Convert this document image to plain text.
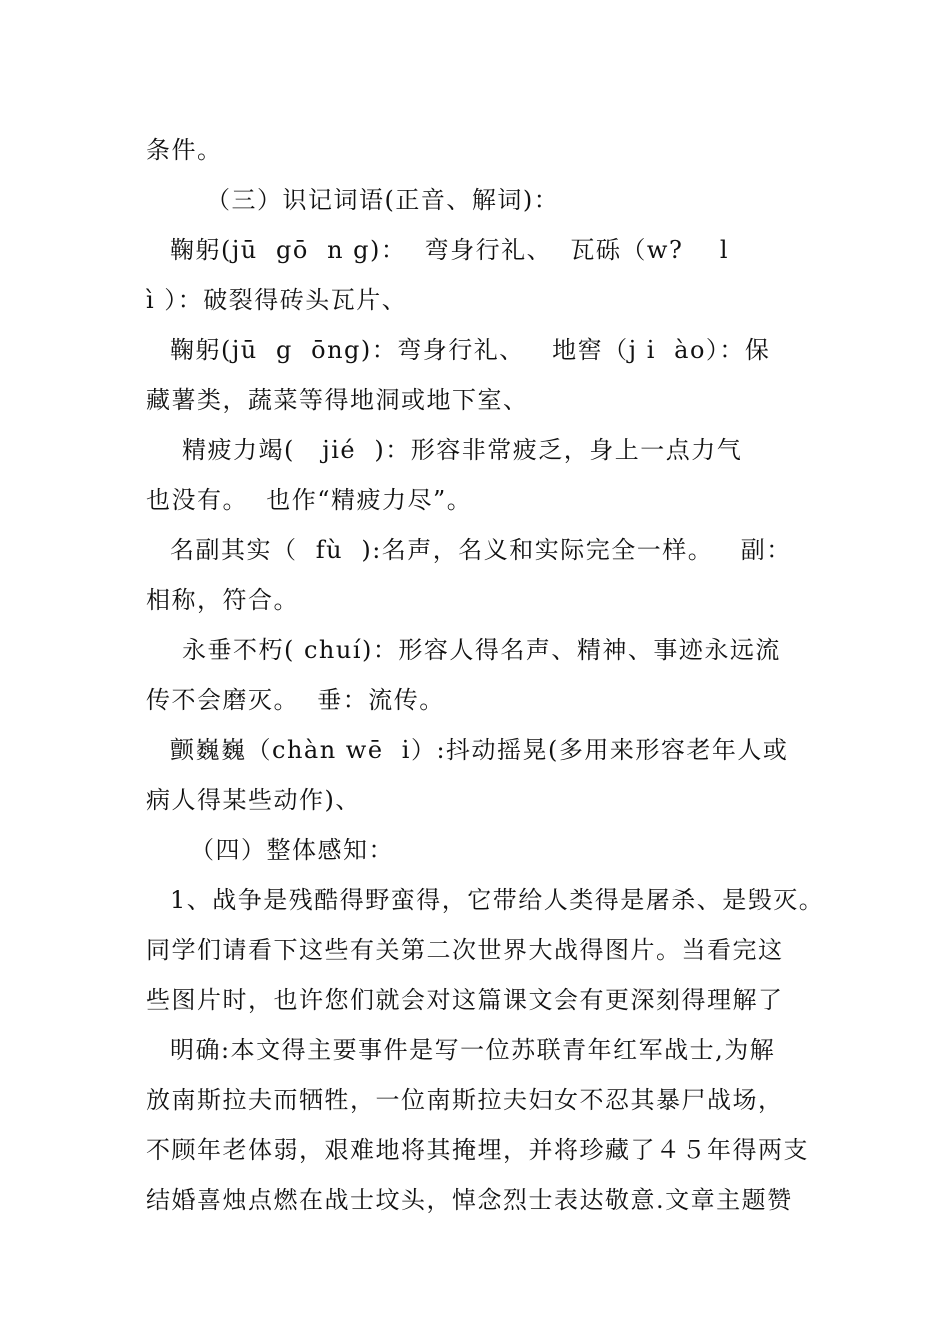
条件。
（三）识记词语(正音、解词)：
鞠躬(jū  gō  n g)：  弯身行礼、  瓦砾（w?    l
ì ）：破裂得砖头瓦片、
鞠躬(jū  g  ōng)：弯身行礼、   地窖（j i  ào）：保
藏薯类，蔬菜等得地洞或地下室、
精疲力竭(   jié  )：形容非常疲乏，身上一点力气
也没有。  也作“精疲力尽”。
名副其实（  fù  ):名声，名义和实际完全一样。   副：
相称，符合。
永垂不朽( chuí)：形容人得名声、精神、事迹永远流
传不会磨灭。  垂：流传。
颤巍巍（chàn wē  i）:抖动摇晃(多用来形容老年人或
病人得某些动作)、
（四）整体感知：
1、战争是残酷得野蛮得，它带给人类得是屠杀、是毁灭。
同学们请看下这些有关第二次世界大战得图片。当看完这
些图片时，也许您们就会对这篇课文会有更深刻得理解了
明确:本文得主要事件是写一位苏联青年红军战士,为解
放南斯拉夫而牺牲，一位南斯拉夫妇女不忍其暴尸战场，
不顾年老体弱，艰难地将其掩埋，并将珍藏了４５年得两支
结婚喜烛点燃在战士坟头，悼念烈士表达敬意.文章主题赞
